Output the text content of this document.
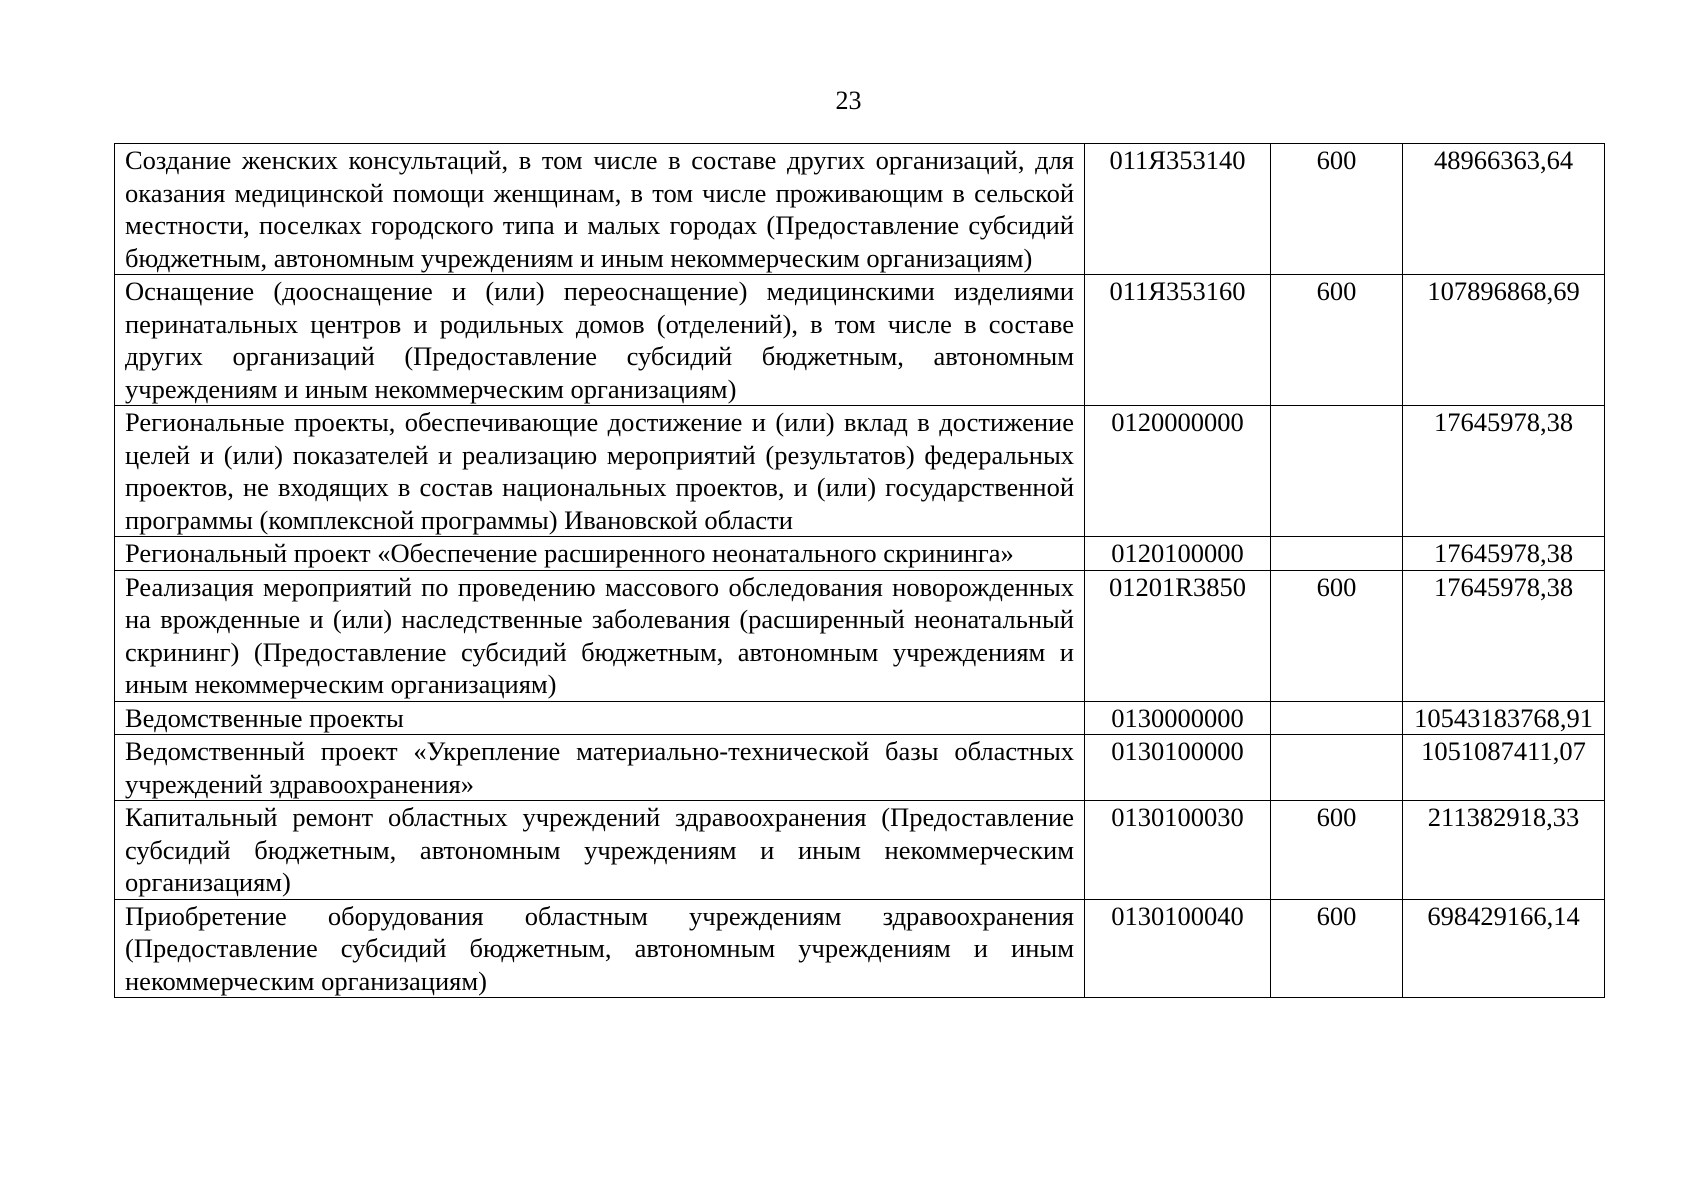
23
Создание женских консультаций, в том числе в составе других организаций, для оказания медицинской помощи женщинам, в том числе проживающим в сельской местности, поселках городского типа и малых городах (Предоставление субсидий бюджетным, автономным учреждениям и иным некоммерческим организациям)	011Я353140	600	48966363,64
Оснащение (дооснащение и (или) переоснащение) медицинскими изделиями перинатальных центров и родильных домов (отделений), в том числе в составе других организаций (Предоставление субсидий бюджетным, автономным учреждениям и иным некоммерческим организациям)	011Я353160	600	107896868,69
Региональные проекты, обеспечивающие достижение и (или) вклад в достижение целей и (или) показателей и реализацию мероприятий (результатов) федеральных проектов, не входящих в состав национальных проектов, и (или) государственной программы (комплексной программы) Ивановской области	0120000000		17645978,38
Региональный проект «Обеспечение расширенного неонатального скрининга»	0120100000		17645978,38
Реализация мероприятий по проведению массового обследования новорожденных на врожденные и (или) наследственные заболевания (расширенный неонатальный скрининг) (Предоставление субсидий бюджетным, автономным учреждениям и иным некоммерческим организациям)	01201R3850	600	17645978,38
Ведомственные проекты	0130000000		10543183768,91
Ведомственный проект «Укрепление материально-технической базы областных учреждений здравоохранения»	0130100000		1051087411,07
Капитальный ремонт областных учреждений здравоохранения (Предоставление субсидий бюджетным, автономным учреждениям и иным некоммерческим организациям)	0130100030	600	211382918,33
Приобретение оборудования областным учреждениям здравоохранения (Предоставление субсидий бюджетным, автономным учреждениям и иным некоммерческим организациям)	0130100040	600	698429166,14
